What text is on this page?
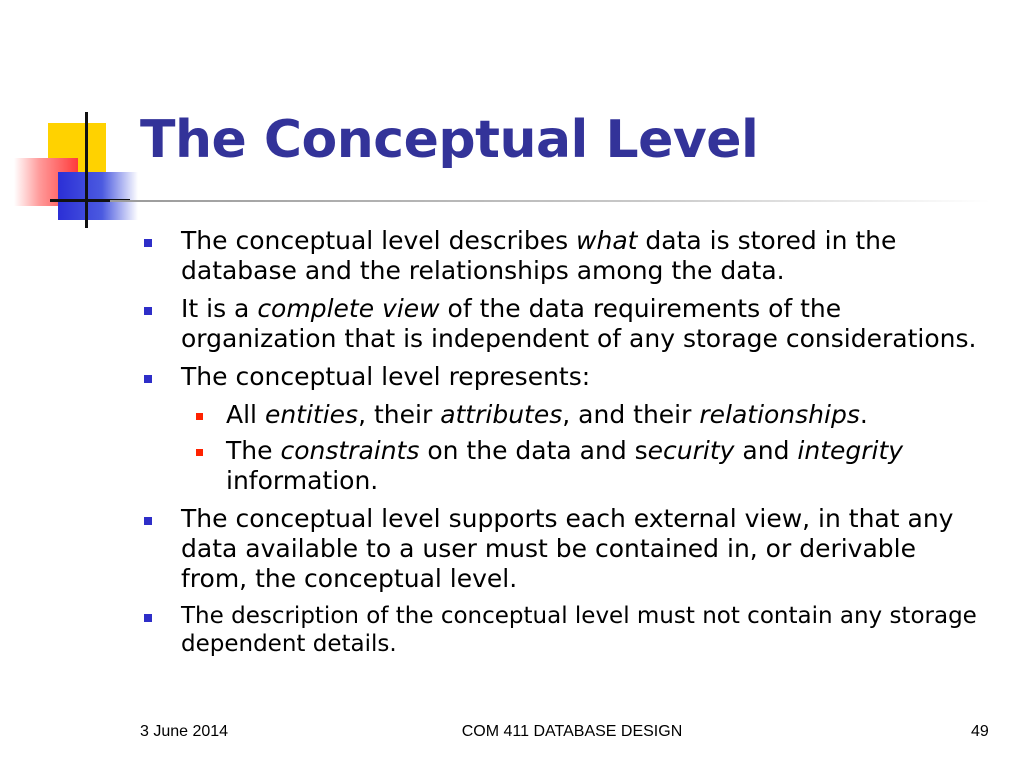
The Conceptual Level
The conceptual level describes what data is stored in the database and the relationships among the data.
It is a complete view of the data requirements of the organization that is independent of any storage considerations.
The conceptual level represents:
All entities, their attributes, and their relationships.
The constraints on the data and security and integrity information.
The conceptual level supports each external view, in that any data available to a user must be contained in, or derivable from, the conceptual level.
The description of the conceptual level must not contain any storage dependent details.
3 June 2014	COM 411 DATABASE DESIGN	49
